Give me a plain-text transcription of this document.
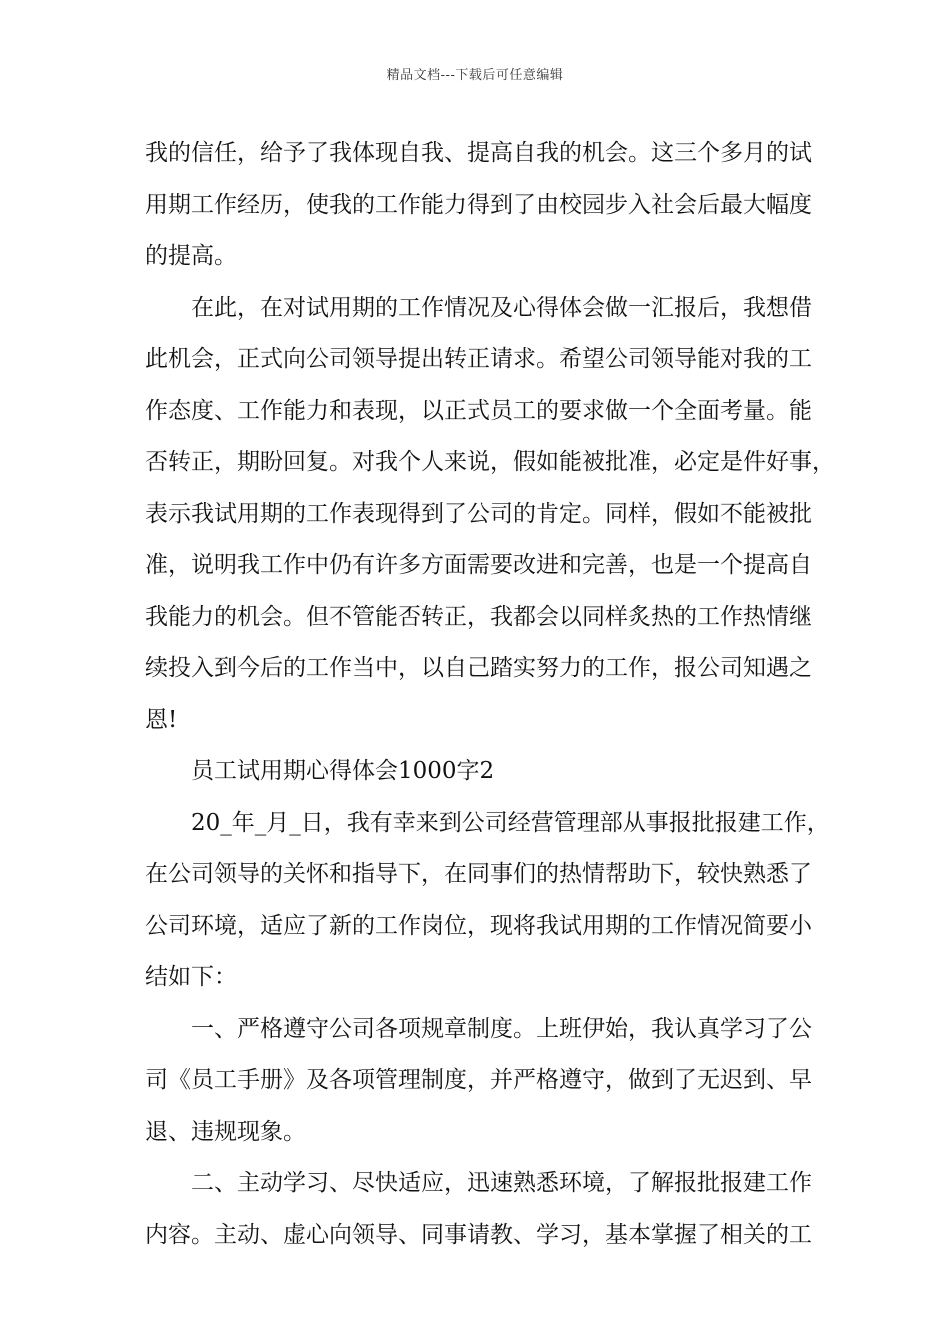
精品文档---下载后可任意编辑
我的信任，给予了我体现自我、提高自我的机会。这三个多月的试
用期工作经历，使我的工作能力得到了由校园步入社会后最大幅度
的提高。
在此，在对试用期的工作情况及心得体会做一汇报后，我想借
此机会，正式向公司领导提出转正请求。希望公司领导能对我的工
作态度、工作能力和表现，以正式员工的要求做一个全面考量。能
否转正，期盼回复。对我个人来说，假如能被批准，必定是件好事，
表示我试用期的工作表现得到了公司的肯定。同样，假如不能被批
准，说明我工作中仍有许多方面需要改进和完善，也是一个提高自
我能力的机会。但不管能否转正，我都会以同样炙热的工作热情继
续投入到今后的工作当中，以自己踏实努力的工作，报公司知遇之
恩!
员工试用期心得体会1000字2
20_年_月_日，我有幸来到公司经营管理部从事报批报建工作，
在公司领导的关怀和指导下，在同事们的热情帮助下，较快熟悉了
公司环境，适应了新的工作岗位，现将我试用期的工作情况简要小
结如下：
一、严格遵守公司各项规章制度。上班伊始，我认真学习了公
司《员工手册》及各项管理制度，并严格遵守，做到了无迟到、早
退、违规现象。
二、主动学习、尽快适应，迅速熟悉环境，了解报批报建工作
内容。主动、虚心向领导、同事请教、学习，基本掌握了相关的工
